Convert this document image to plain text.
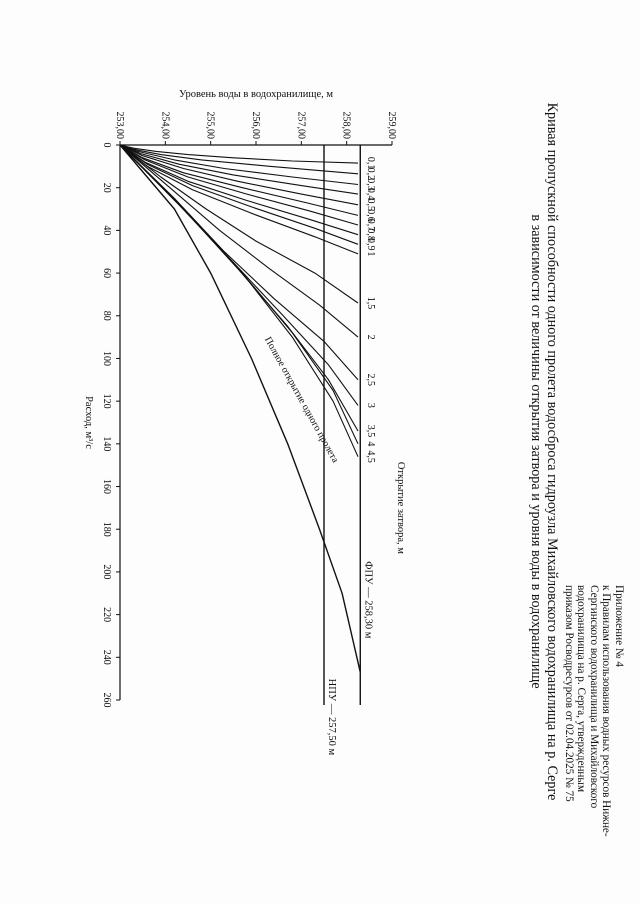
Приложение № 4
к Правилам использования водных ресурсов Нижне-
Сергинского водохранилища и Михайловского
водохранилища на р. Серга, утвержденным
приказом Росводресурсов от 02.04.2025 № 75
Кривая пропускной способности одного пролета водосброса гидроузла Михайловского водохранилища на р. Серге
в зависимости от величины открытия затвора и уровня воды в водохранилище
0
20
40
60
80
100
120
140
160
180
200
220
240
260
253,00	254,00	255,00	256,00	257,00	258,00	259,00
Расход, м³/с
Уровень воды в водохранилище, м
ФПУ — 258,30 м
НПУ — 257,50 м
Открытие затвора, м
0,1
0,2
0,3
0,4
0,5
0,6
0,7
0,8
0,9
1
1,5
2
2,5
3
3,5
4
4,5
Полное открытие одного пролета
